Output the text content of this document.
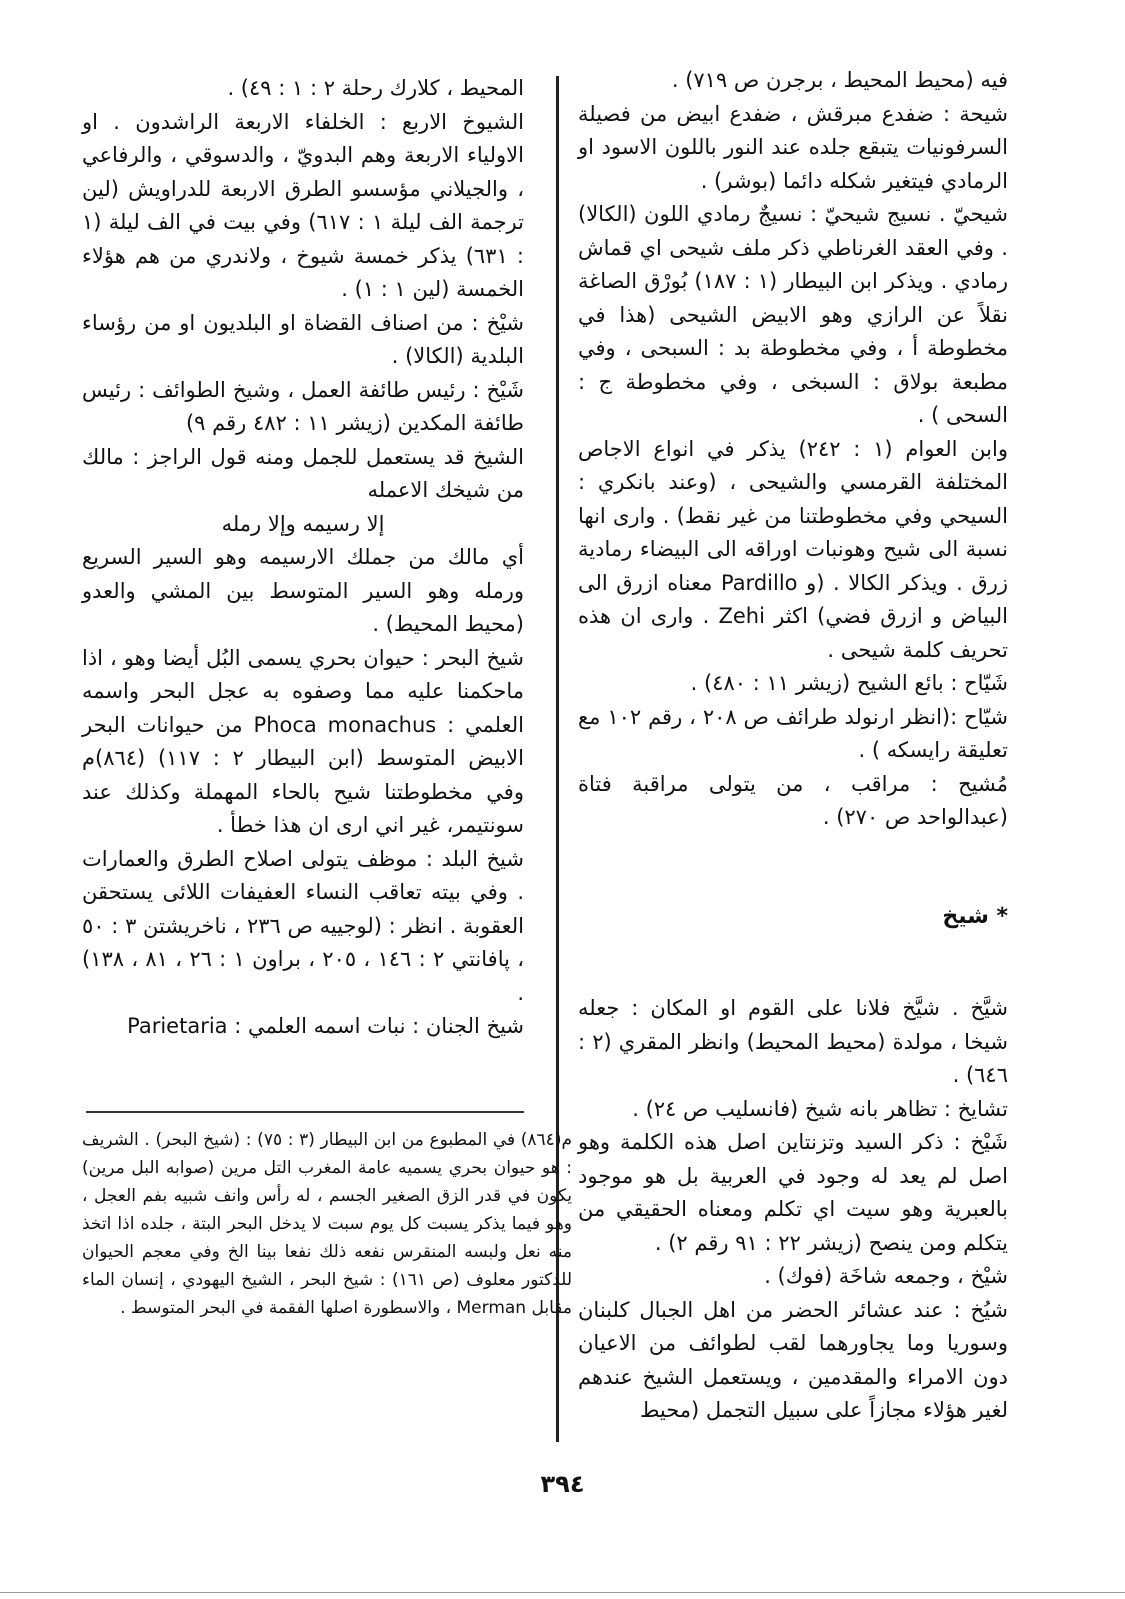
فيه (محيط المحيط ، برجرن ص ٧١٩) .

شيحة : ضفدع مبرقش ، ضفدع ابيض من فصيلة السرفونيات يتبقع جلده عند النور باللون الاسود او الرمادي فيتغير شكله دائما (بوشر) .

شيحيّ . نسيج شيحيّ : نسيجٌ رمادي اللون (الكالا) . وفي العقد الغرناطي ذكر ملف شيحى اي قماش رمادي . ويذكر ابن البيطار (١ : ١٨٧) بُورْق الصاغة نقلاً عن الرازي وهو الابيض الشيحى (هذا في مخطوطة أ ، وفي مخطوطة بد : السبحى ، وفي مطبعة بولاق : السبخى ، وفي مخطوطة ج : السحى ) .

وابن العوام (١ : ٢٤٢) يذكر في انواع الاجاص المختلفة القرمسي والشيحى ، (وعند بانكري : السيحي وفي مخطوطتنا من غير نقط) . وارى انها نسبة الى شيح وهونبات اوراقه الى البيضاء رمادية زرق . ويذكر الكالا . (و Pardillo معناه ازرق الى البياض و ازرق فضي) اكثر Zehi . وارى ان هذه تحريف كلمة شيحى .

شَيّاح : بائع الشيح (زيشر ١١ : ٤٨٠) .

شيّاح :(انظر ارنولد طرائف ص ٢٠٨ ، رقم ١٠٢ مع تعليقة رايسكه ) .

مُشيح : مراقب ، من يتولى مراقبة فتاة (عبدالواحد ص ٢٧٠) .

* شيخ

شيَّخ . شيَّخ فلانا على القوم او المكان : جعله شيخا ، مولدة (محيط المحيط) وانظر المقري (٢ : ٦٤٦) .

تشايخ : تظاهر بانه شيخ (فانسليب ص ٢٤) .

شَيْخ : ذكر السيد وتزنتاين اصل هذه الكلمة وهو اصل لم يعد له وجود في العربية بل هو موجود بالعبرية وهو سيت اي تكلم ومعناه الحقيقي من يتكلم ومن ينصح (زيشر ٢٢ : ٩١ رقم ٢) .

شيْخ ، وجمعه شاخَة (فوك) .

شيُخ : عند عشائر الحضر من اهل الجبال كلبنان وسوريا وما يجاورهما لقب لطوائف من الاعيان دون الامراء والمقدمين ، ويستعمل الشيخ عندهم لغير هؤلاء مجازاً على سبيل التجمل (محيط

المحيط ، كلارك رحلة ٢ : ١ : ٤٩) .

الشيوخ الاربع : الخلفاء الاربعة الراشدون . او الاولياء الاربعة وهم البدويّ ، والدسوقي ، والرفاعي ، والجيلاني مؤسسو الطرق الاربعة للدراويش (لين ترجمة الف ليلة ١ : ٦١٧) وفي بيت في الف ليلة (١ : ٦٣١) يذكر خمسة شيوخ ، ولاندري من هم هؤلاء الخمسة (لين ١ : ١) .

شيْخ : من اصناف القضاة او البلديون او من رؤساء البلدية (الكالا) .

شَيْخ : رئيس طائفة العمل ، وشيخ الطوائف : رئيس طائفة المكدين (زيشر ١١ : ٤٨٢ رقم ٩)

الشيخ قد يستعمل للجمل ومنه قول الراجز : مالك من شيخك الاعمله

إلا رسيمه وإلا رمله

أي مالك من جملك الارسيمه وهو السير السريع ورمله وهو السير المتوسط بين المشي والعدو (محيط المحيط) .

شيخ البحر : حيوان بحري يسمى البُل أيضا وهو ، اذا ماحكمنا عليه مما وصفوه به عجل البحر واسمه العلمي : Phoca monachus من حيوانات البحر الابيض المتوسط (ابن البيطار ٢ : ١١٧) (٨٦٤)م وفي مخطوطتنا شيح بالحاء المهملة وكذلك عند سونتيمر، غير اني ارى ان هذا خطأ .

شيخ البلد : موظف يتولى اصلاح الطرق والعمارات . وفي بيته تعاقب النساء العفيفات اللائى يستحقن العقوبة . انظر : (لوجييه ص ٢٣٦ ، ناخريشتن ٣ : ٥٠ ، پافانتي ٢ : ١٤٦ ، ٢٠٥ ، براون ١ : ٢٦ ، ٨١ ، ١٣٨) .

شيخ الجنان : نبات اسمه العلمي : Parietaria

م(٨٦٤) في المطبوع من ابن البيطار (٣ : ٧٥) : (شيخ البحر) . الشريف : هو حيوان بحري يسميه عامة المغرب التل مرين (صوابه البل مرين) يكون في قدر الزق الصغير الجسم ، له رأس وانف شبيه بفم العجل ، وهو فيما يذكر يسبت كل يوم سبت لا يدخل البحر البتة ، جلده اذا اتخذ منه نعل ولبسه المنقرس نفعه ذلك نفعا بينا الخ وفي معجم الحيوان للدكتور معلوف (ص ١٦١) : شيخ البحر ، الشيخ اليهودي ، إنسان الماء مقابل Merman ، والاسطورة اصلها الفقمة في البحر المتوسط .
٣٩٤
